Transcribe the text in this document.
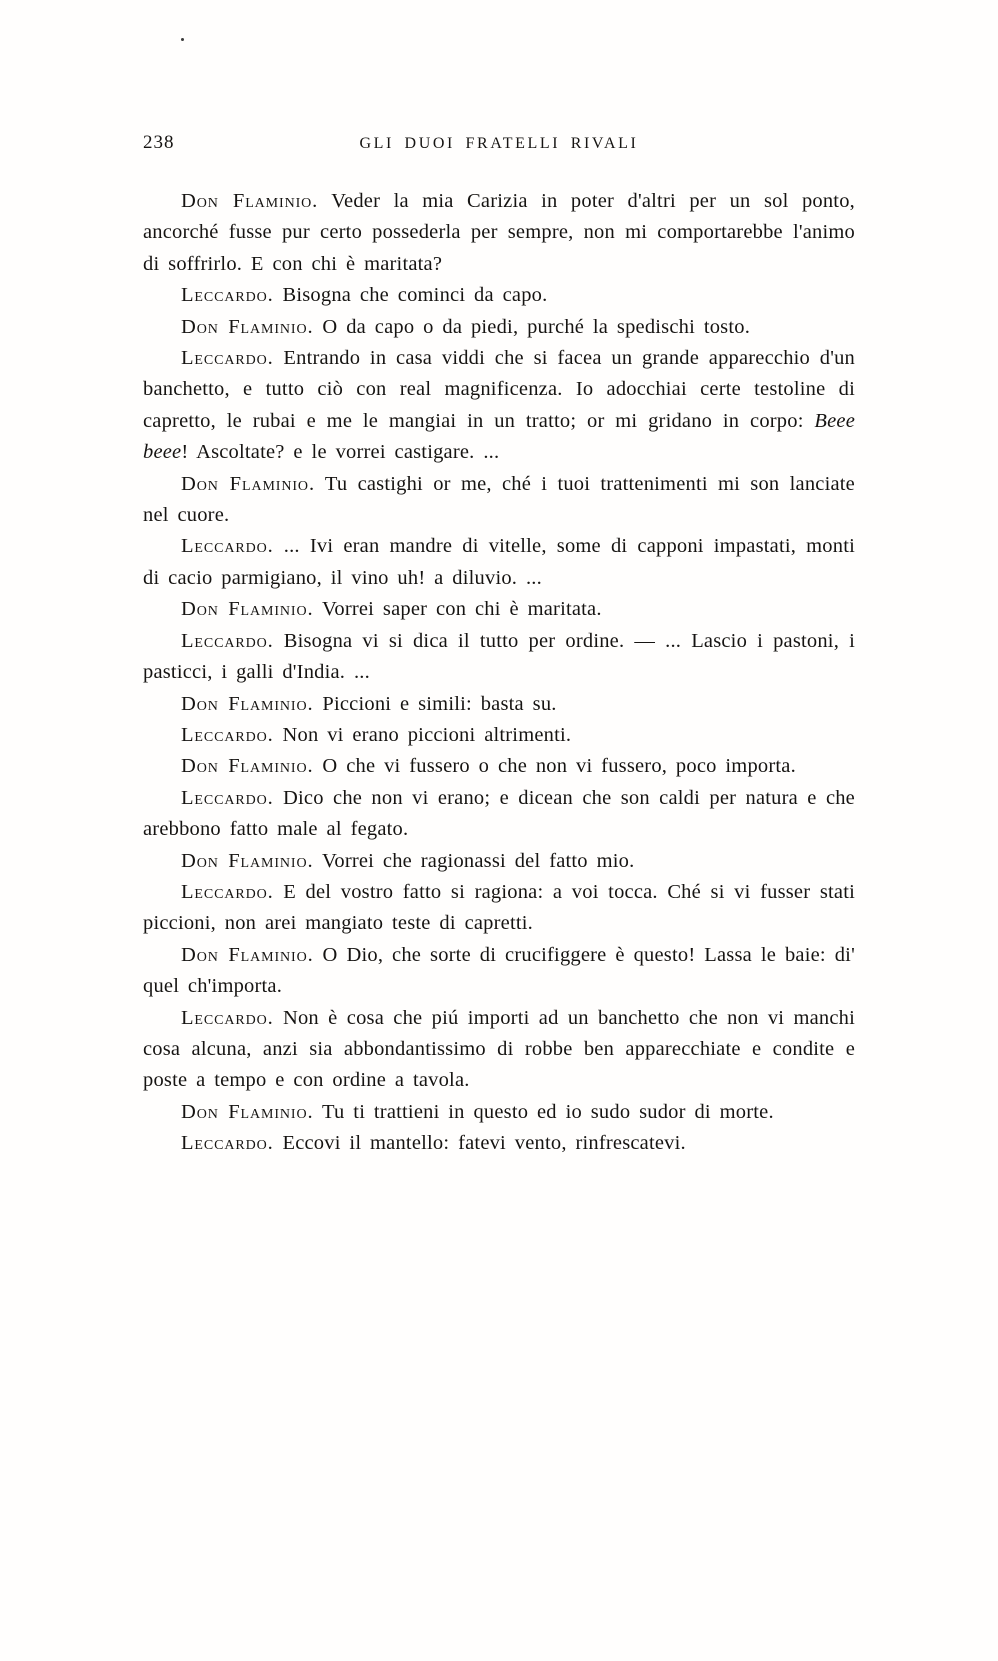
238	GLI DUOI FRATELLI RIVALI

Don Flaminio. Veder la mia Carizia in poter d'altri per un sol ponto, ancorché fusse pur certo possederla per sempre, non mi comportarebbe l'animo di soffrirlo. E con chi è maritata?

Leccardo. Bisogna che cominci da capo.

Don Flaminio. O da capo o da piedi, purché la spedischi tosto.

Leccardo. Entrando in casa viddi che si facea un grande apparecchio d'un banchetto, e tutto ciò con real magnificenza. Io adocchiai certe testoline di capretto, le rubai e me le mangiai in un tratto; or mi gridano in corpo: Beee beee! Ascoltate? e le vorrei castigare. ...

Don Flaminio. Tu castighi or me, ché i tuoi trattenimenti mi son lanciate nel cuore.

Leccardo. ... Ivi eran mandre di vitelle, some di capponi impastati, monti di cacio parmigiano, il vino uh! a diluvio. ...

Don Flaminio. Vorrei saper con chi è maritata.

Leccardo. Bisogna vi si dica il tutto per ordine. — ... Lascio i pastoni, i pasticci, i galli d'India. ...

Don Flaminio. Piccioni e simili: basta su.

Leccardo. Non vi erano piccioni altrimenti.

Don Flaminio. O che vi fussero o che non vi fussero, poco importa.

Leccardo. Dico che non vi erano; e dicean che son caldi per natura e che arebbono fatto male al fegato.

Don Flaminio. Vorrei che ragionassi del fatto mio.

Leccardo. E del vostro fatto si ragiona: a voi tocca. Ché si vi fusser stati piccioni, non arei mangiato teste di capretti.

Don Flaminio. O Dio, che sorte di crucifiggere è questo! Lassa le baie: di' quel ch'importa.

Leccardo. Non è cosa che piú importi ad un banchetto che non vi manchi cosa alcuna, anzi sia abbondantissimo di robbe ben apparecchiate e condite e poste a tempo e con ordine a tavola.

Don Flaminio. Tu ti trattieni in questo ed io sudo sudor di morte.

Leccardo. Eccovi il mantello: fatevi vento, rinfrescatevi.
